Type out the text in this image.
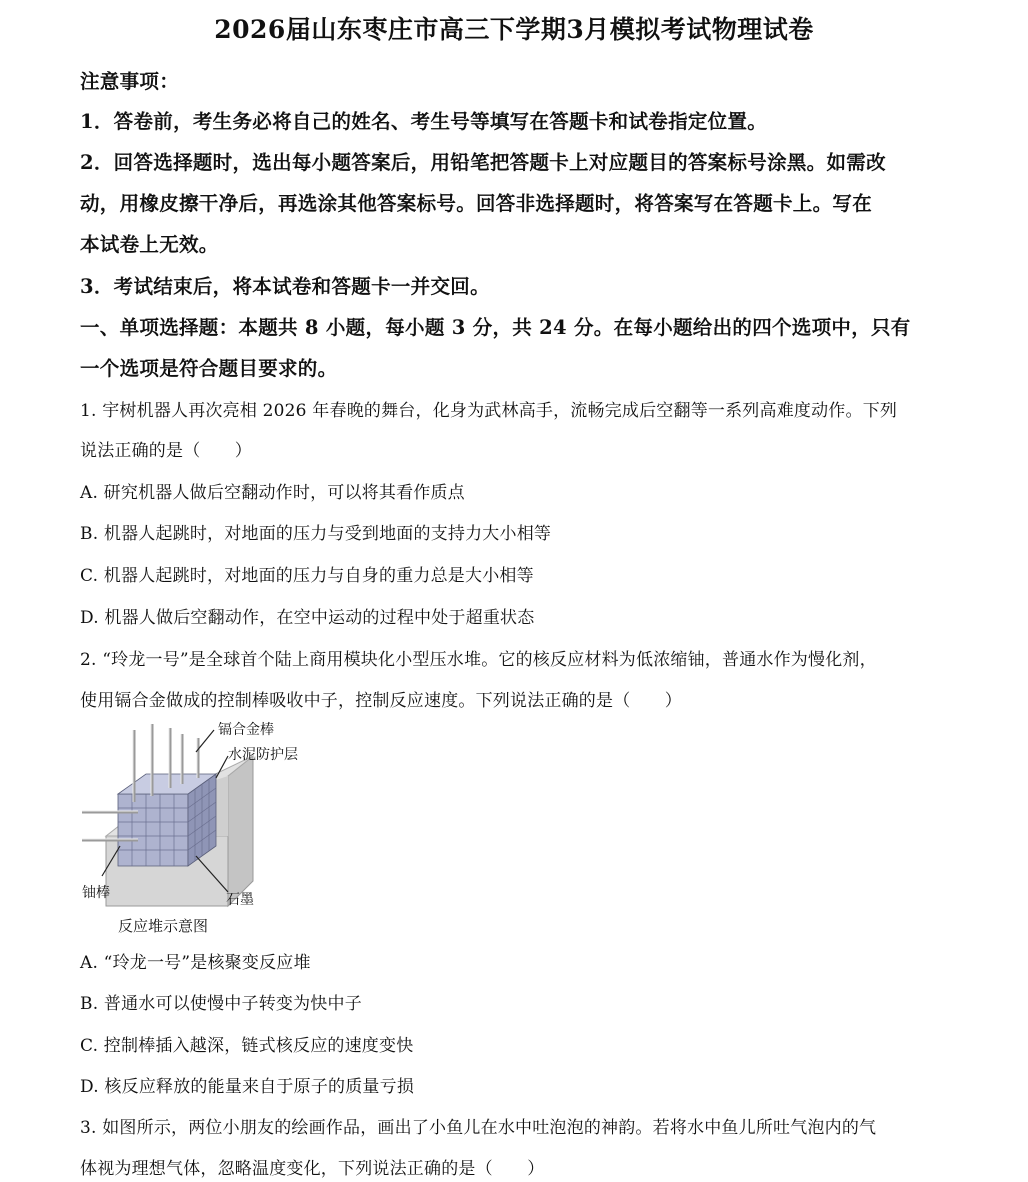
2026届山东枣庄市高三下学期3月模拟考试物理试卷
注意事项：
1．答卷前，考生务必将自己的姓名、考生号等填写在答题卡和试卷指定位置。
2．回答选择题时，选出每小题答案后，用铅笔把答题卡上对应题目的答案标号涂黑。如需改
动，用橡皮擦干净后，再选涂其他答案标号。回答非选择题时，将答案写在答题卡上。写在
本试卷上无效。
3．考试结束后，将本试卷和答题卡一并交回。
一、单项选择题：本题共 8 小题，每小题 3 分，共 24 分。在每小题给出的四个选项中，只有
一个选项是符合题目要求的。
1. 宇树机器人再次亮相 2026 年春晚的舞台，化身为武林高手，流畅完成后空翻等一系列高难度动作。下列
说法正确的是（　　）
A. 研究机器人做后空翻动作时，可以将其看作质点
B. 机器人起跳时，对地面的压力与受到地面的支持力大小相等
C. 机器人起跳时，对地面的压力与自身的重力总是大小相等
D. 机器人做后空翻动作，在空中运动的过程中处于超重状态
2. “玲龙一号”是全球首个陆上商用模块化小型压水堆。它的核反应材料为低浓缩铀，普通水作为慢化剂，
使用镉合金做成的控制棒吸收中子，控制反应速度。下列说法正确的是（　　）
镉合金棒
水泥防护层
铀棒	石墨
反应堆示意图
A. “玲龙一号”是核聚变反应堆
B. 普通水可以使慢中子转变为快中子
C. 控制棒插入越深，链式核反应的速度变快
D. 核反应释放的能量来自于原子的质量亏损
3. 如图所示，两位小朋友的绘画作品，画出了小鱼儿在水中吐泡泡的神韵。若将水中鱼儿所吐气泡内的气
体视为理想气体，忽略温度变化，下列说法正确的是（　　）
